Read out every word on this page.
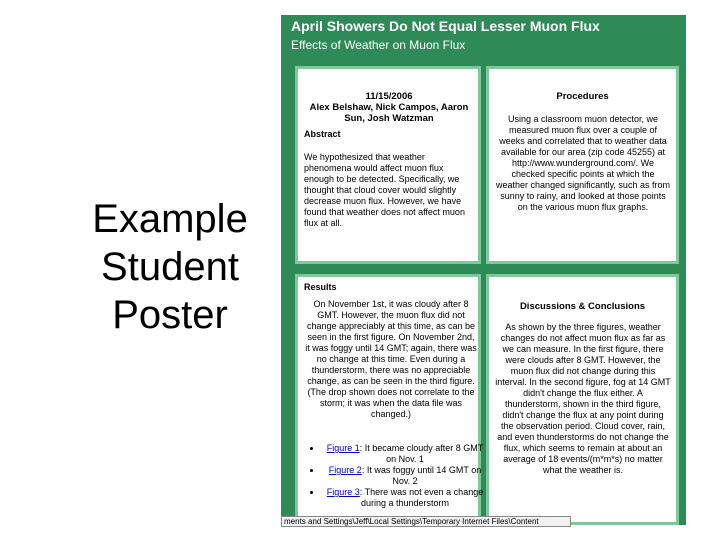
Example
Student
Poster
April Showers Do Not Equal Lesser Muon Flux
Effects of Weather on Muon Flux
11/15/2006
Alex Belshaw, Nick Campos, Aaron Sun, Josh Watzman
Abstract
We hypothesized that weather phenomena would affect muon flux enough to be detected. Specifically, we thought that cloud cover would slightly decrease muon flux. However, we have found that weather does not affect muon flux at all.
Procedures
Using a classroom muon detector, we measured muon flux over a couple of weeks and correlated that to weather data available for our area (zip code 45255) at http://www.wunderground.com/. We checked specific points at which the weather changed significantly, such as from sunny to rainy, and looked at those points on the various muon flux graphs.
Results
On November 1st, it was cloudy after 8 GMT. However, the muon flux did not change appreciably at this time, as can be seen in the first figure. On November 2nd, it was foggy until 14 GMT; again, there was no change at this time. Even during a thunderstorm, there was no appreciable change, as can be seen in the third figure. (The drop shown does not correlate to the storm; it was when the data file was changed.)
• Figure 1: It became cloudy after 8 GMT on Nov. 1
• Figure 2: It was foggy until 14 GMT on Nov. 2
• Figure 3: There was not even a change during a thunderstorm
Discussions & Conclusions
As shown by the three figures, weather changes do not affect muon flux as far as we can measure. In the first figure, there were clouds after 8 GMT. However, the muon flux did not change during this interval. In the second figure, fog at 14 GMT didn't change the flux either. A thunderstorm, shown in the third figure, didn't change the flux at any point during the observation period. Cloud cover, rain, and even thunderstorms do not change the flux, which seems to remain at about an average of 18 events/(m*m*s) no matter what the weather is.
ments and Settings\Jeff\Local Settings\Temporary Internet Files\Content
